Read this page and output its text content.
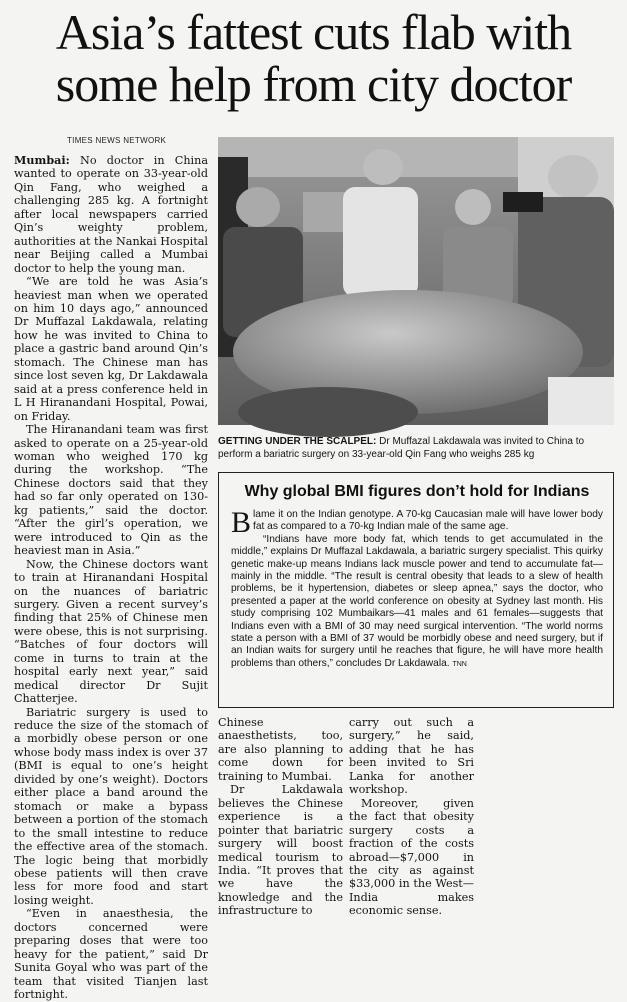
Asia’s fattest cuts flab with
some help from city doctor
TIMES NEWS NETWORK

Mumbai: No doctor in China wanted to operate on 33-year-old Qin Fang, who weighed a challenging 285 kg. A fortnight after local newspapers carried Qin’s weighty problem, authorities at the Nankai Hospital near Beijing called a Mumbai doctor to help the young man.

“We are told he was Asia’s heaviest man when we operated on him 10 days ago,” announced Dr Muffazal Lakdawala, relating how he was invited to China to place a gastric band around Qin’s stomach. The Chinese man has since lost seven kg, Dr Lakdawala said at a press conference held in L H Hiranandani Hospital, Powai, on Friday.

The Hiranandani team was first asked to operate on a 25-year-old woman who weighed 170 kg during the workshop. “The Chinese doctors said that they had so far only operated on 130-kg patients,” said the doctor. “After the girl’s operation, we were introduced to Qin as the heaviest man in Asia.”

Now, the Chinese doctors want to train at Hiranandani Hospital on the nuances of bariatric surgery. Given a recent survey’s finding that 25% of Chinese men were obese, this is not surprising. “Batches of four doctors will come in turns to train at the hospital early next year,” said medical director Dr Sujit Chatterjee.

Bariatric surgery is used to reduce the size of the stomach of a morbidly obese person or one whose body mass index is over 37 (BMI is equal to one’s height divided by one’s weight). Doctors either place a band around the stomach or make a bypass between a portion of the stomach to the small intestine to reduce the effective area of the stomach. The logic being that morbidly obese patients will then crave less for more food and start losing weight.

“Even in anaesthesia, the doctors concerned were preparing doses that were too heavy for the patient,” said Dr Sunita Goyal who was part of the team that visited Tianjen last fortnight.

GETTING UNDER THE SCALPEL: Dr Muffazal Lakdawala was invited to China to perform a bariatric surgery on 33-year-old Qin Fang who weighs 285 kg
Why global BMI figures don’t hold for Indians

Blame it on the Indian genotype. A 70-kg Caucasian male will have lower body fat as compared to a 70-kg Indian male of the same age.

“Indians have more body fat, which tends to get accumulated in the middle,” explains Dr Muffazal Lakdawala, a bariatric surgery specialist. This quirky genetic make-up means Indians lack muscle power and tend to accumulate fat—mainly in the middle. “The result is central obesity that leads to a slew of health problems, be it hypertension, diabetes or sleep apnea,” says the doctor, who presented a paper at the world conference on obesity at Sydney last month. His study comprising 102 Mumbaikars—41 males and 61 females—suggests that Indians even with a BMI of 30 may need surgical intervention. “The world norms state a person with a BMI of 37 would be morbidly obese and need surgery, but if an Indian waits for surgery until he reaches that figure, he will have more health problems than others,” concludes Dr Lakdawala. TNN

Chinese anaesthetists, too, are also planning to come down for training to Mumbai.

Dr Lakdawala believes the Chinese experience is a pointer that bariatric surgery will boost medical tourism to India. “It proves that we have the knowledge and the infrastructure to

carry out such a surgery,” he said, adding that he has been invited to Sri Lanka for another workshop.

Moreover, given the fact that obesity surgery costs a fraction of the costs abroad—$7,000 in the city as against $33,000 in the West—India makes economic sense.
